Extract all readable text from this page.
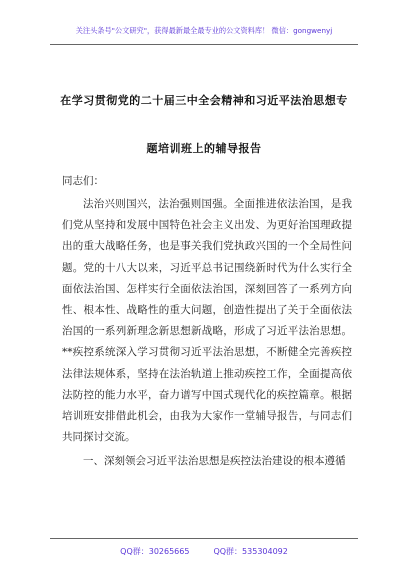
关注头条号"公文研究"，获得最新最全最专业的公文资料库！ 微信：gongwenyj
在学习贯彻党的二十届三中全会精神和习近平法治思想专
题培训班上的辅导报告
同志们：
法治兴则国兴，法治强则国强。全面推进依法治国，是我们党从坚持和发展中国特色社会主义出发、为更好治国理政提出的重大战略任务，也是事关我们党执政兴国的一个全局性问题。党的十八大以来，习近平总书记围绕新时代为什么实行全面依法治国、怎样实行全面依法治国，深刻回答了一系列方向性、根本性、战略性的重大问题，创造性提出了关于全面依法治国的一系列新理念新思想新战略，形成了习近平法治思想。**疾控系统深入学习贯彻习近平法治思想，不断健全完善疾控法律法规体系，坚持在法治轨道上推动疾控工作，全面提高依法防控的能力水平，奋力谱写中国式现代化的疾控篇章。根据培训班安排借此机会，由我为大家作一堂辅导报告，与同志们共同探讨交流。
一、深刻领会习近平法治思想是疾控法治建设的根本遵循
QQ群：30265665	QQ群：535304092
